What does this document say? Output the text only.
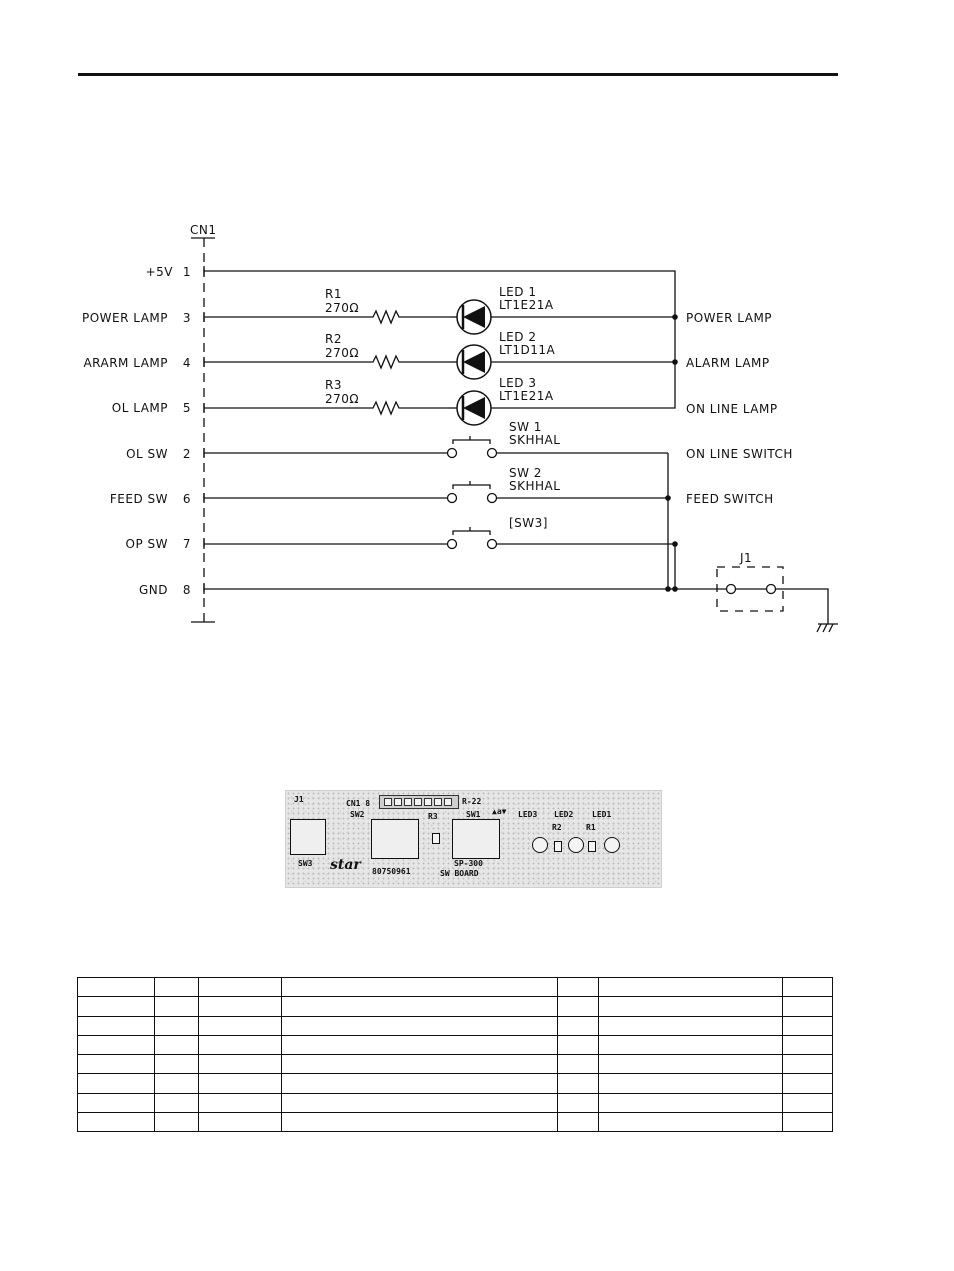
CN1
+5V 1
POWER LAMP 3
ARARM LAMP 4
OL LAMP 5
OL SW 2
FEED SW 6
OP SW 7
GND 8
R1
270Ω
R2
270Ω
R3
270Ω
LED 1
LT1E21A
LED 2
LT1D11A
LED 3
LT1E21A
SW 1
SKHHAL
SW 2
SKHHAL
[SW3]
POWER LAMP
ALARM LAMP
ON LINE LAMP
ON LINE SWITCH
FEED SWITCH
J1
J1	CN1 8	R-22
SW2	R3	SW1 ▲a▼ LED3 LED2 LED1
R2	R1
SW3 star 80750961
SP-300
SW BOARD
